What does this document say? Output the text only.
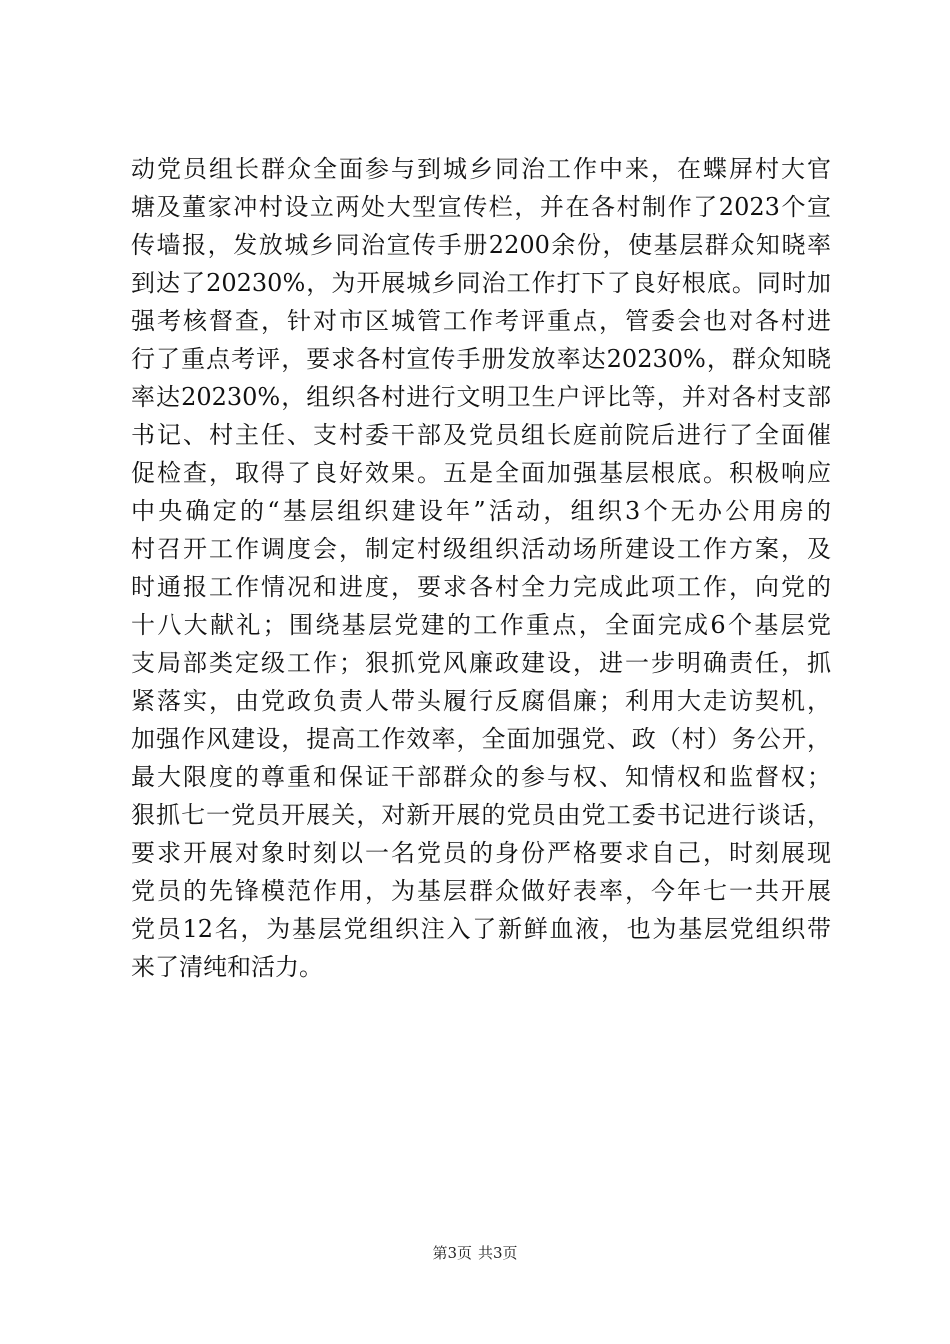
动党员组长群众全面参与到城乡同治工作中来，在蝶屏村大官
塘及董家冲村设立两处大型宣传栏，并在各村制作了2023个宣
传墙报，发放城乡同治宣传手册2200余份，使基层群众知晓率
到达了20230%，为开展城乡同治工作打下了良好根底。同时加
强考核督查，针对市区城管工作考评重点，管委会也对各村进
行了重点考评，要求各村宣传手册发放率达20230%，群众知晓
率达20230%，组织各村进行文明卫生户评比等，并对各村支部
书记、村主任、支村委干部及党员组长庭前院后进行了全面催
促检查，取得了良好效果。五是全面加强基层根底。积极响应
中央确定的“基层组织建设年”活动，组织3个无办公用房的
村召开工作调度会，制定村级组织活动场所建设工作方案，及
时通报工作情况和进度，要求各村全力完成此项工作，向党的
十八大献礼；围绕基层党建的工作重点，全面完成6个基层党
支局部类定级工作；狠抓党风廉政建设，进一步明确责任，抓
紧落实，由党政负责人带头履行反腐倡廉；利用大走访契机，
加强作风建设，提高工作效率，全面加强党、政（村）务公开，
最大限度的尊重和保证干部群众的参与权、知情权和监督权；
狠抓七一党员开展关，对新开展的党员由党工委书记进行谈话，
要求开展对象时刻以一名党员的身份严格要求自己，时刻展现
党员的先锋模范作用，为基层群众做好表率，今年七一共开展
党员12名，为基层党组织注入了新鲜血液，也为基层党组织带
来了清纯和活力。
第3页 共3页
